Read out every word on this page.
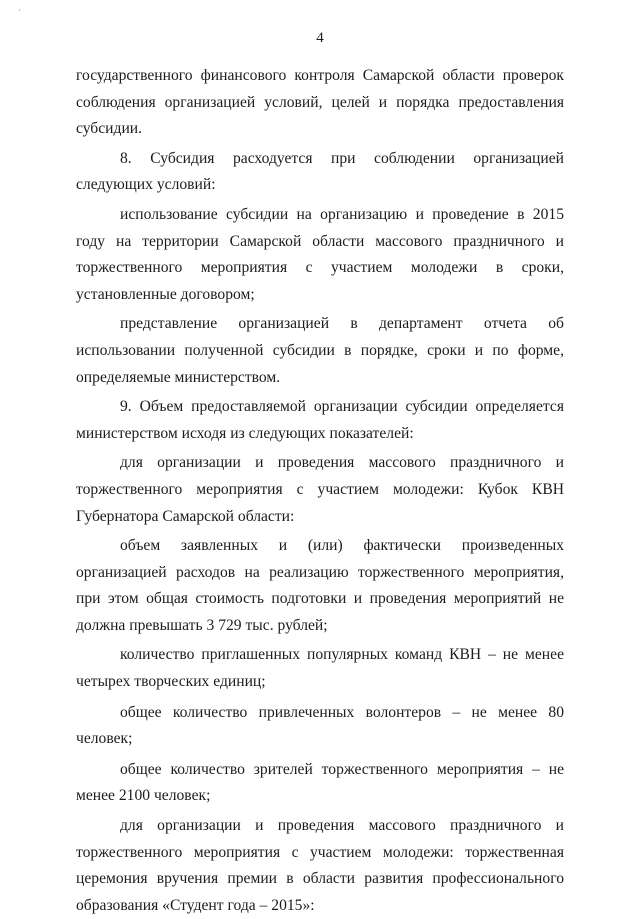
ˊ
4

государственного финансового контроля Самарской области проверок соблюдения организацией условий, целей и порядка предоставления субсидии.

8. Субсидия расходуется при соблюдении организацией следующих условий:

использование субсидии на организацию и проведение в 2015 году на территории Самарской области массового праздничного и торжественного мероприятия с участием молодежи в сроки, установленные договором;

представление организацией в департамент отчета об использовании полученной субсидии в порядке, сроки и по форме, определяемые министерством.

9. Объем предоставляемой организации субсидии определяется министерством исходя из следующих показателей:

для организации и проведения массового праздничного и торжественного мероприятия с участием молодежи: Кубок КВН Губернатора Самарской области:

объем заявленных и (или) фактически произведенных организацией расходов на реализацию торжественного мероприятия, при этом общая стоимость подготовки и проведения мероприятий не должна превышать 3 729 тыс. рублей;

количество приглашенных популярных команд КВН – не менее четырех творческих единиц;

общее количество привлеченных волонтеров – не менее 80 человек;

общее количество зрителей торжественного мероприятия – не менее 2100 человек;

для организации и проведения массового праздничного и торжественного мероприятия с участием молодежи: торжественная церемония вручения премии в области развития профессионального образования «Студент года – 2015»:
